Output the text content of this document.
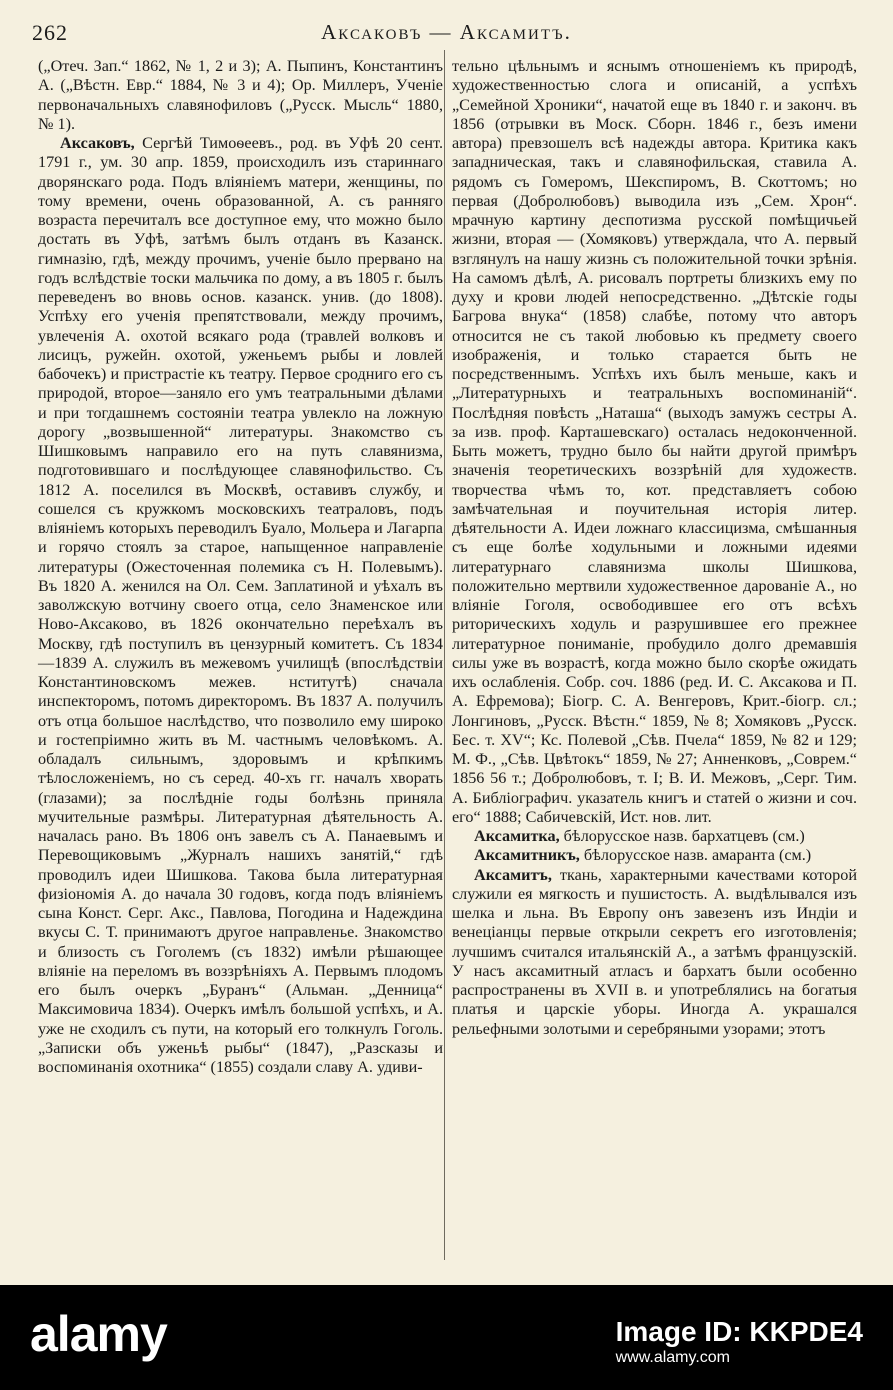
262	Аксаковъ — Аксамитъ.

(„Отеч. Зап.“ 1862, № 1, 2 и 3); А. Пыпинъ, Константинъ А. („Вѣстн. Евр.“ 1884, № 3 и 4); Ор. Миллеръ, Ученіе первоначальныхъ славянофиловъ („Русск. Мысль“ 1880, № 1).

Аксаковъ, Сергѣй Тимоѳеевъ., род. въ Уфѣ 20 сент. 1791 г., ум. 30 апр. 1859, происходилъ изъ стариннаго дворянскаго рода. Подъ вліяніемъ матери, женщины, по тому времени, очень образованной, А. съ ранняго возраста перечиталъ все доступное ему, что можно было достать въ Уфѣ, затѣмъ былъ отданъ въ Казанск. гимназію, гдѣ, между прочимъ, ученіе было прервано на годъ вслѣдствіе тоски мальчика по дому, а въ 1805 г. былъ переведенъ во вновь основ. казанск. унив. (до 1808). Успѣху его ученія препятствовали, между прочимъ, увлеченія А. охотой всякаго рода (травлей волковъ и лисицъ, ружейн. охотой, уженьемъ рыбы и ловлей бабочекъ) и пристрастіе къ театру. Первое сродниго его съ природой, второе—заняло его умъ театральными дѣлами и при тогдашнемъ состояніи театра увлекло на ложную дорогу „возвышенной“ литературы. Знакомство съ Шишковымъ направило его на путь славянизма, подготовившаго и послѣдующее славянофильство. Съ 1812 А. поселился въ Москвѣ, оставивъ службу, и сошелся съ кружкомъ московскихъ театраловъ, подъ вліяніемъ которыхъ переводилъ Буало, Мольера и Лагарпа и горячо стоялъ за старое, напыщенное направленіе литературы (Ожесточенная полемика съ Н. Полевымъ). Въ 1820 А. женился на Ол. Сем. Заплатиной и уѣхалъ въ заволжскую вотчину своего отца, село Знаменское или Ново-Аксаково, въ 1826 окончательно переѣхалъ въ Москву, гдѣ поступилъ въ цензурный комитетъ. Съ 1834—1839 А. служилъ въ межевомъ училищѣ (впослѣдствіи Константиновскомъ межев. нститутѣ) сначала инспекторомъ, потомъ директоромъ. Въ 1837 А. получилъ отъ отца большое наслѣдство, что позволило ему широко и гостепріимно жить въ М. частнымъ человѣкомъ. А. обладалъ сильнымъ, здоровымъ и крѣпкимъ тѣлосложеніемъ, но съ серед. 40-хъ гг. началъ хворать (глазами); за послѣдніе годы болѣзнь приняла мучительные размѣры. Литературная дѣятельность А. началась рано. Въ 1806 онъ завелъ съ А. Панаевымъ и Перевощиковымъ „Журналъ нашихъ занятій,“ гдѣ проводилъ идеи Шишкова. Такова была литературная физіономія А. до начала 30 годовъ, когда подъ вліяніемъ сына Конст. Серг. Акс., Павлова, Погодина и Надеждина вкусы С. Т. принимаютъ другое направленье. Знакомство и близость съ Гоголемъ (съ 1832) имѣли рѣшающее вліяніе на переломъ въ воззрѣніяхъ А. Первымъ плодомъ его былъ очеркъ „Буранъ“ (Альман. „Денница“ Максимовича 1834). Очеркъ имѣлъ большой успѣхъ, и А. уже не сходилъ съ пути, на который его толкнулъ Гоголь. „Записки объ уженьѣ рыбы“ (1847), „Разсказы и воспоминанія охотника“ (1855) создали славу А. удиви-

тельно цѣльнымъ и яснымъ отношеніемъ къ природѣ, художественностью слога и описаній, а успѣхъ „Семейной Хроники“, начатой еще въ 1840 г. и законч. въ 1856 (отрывки въ Моск. Сборн. 1846 г., безъ имени автора) превзошелъ всѣ надежды автора. Критика какъ западническая, такъ и славянофильская, ставила А. рядомъ съ Гомеромъ, Шекспиромъ, В. Скоттомъ; но первая (Добролюбовъ) выводила изъ „Сем. Хрон“. мрачную картину деспотизма русской помѣщичьей жизни, вторая — (Хомяковъ) утверждала, что А. первый взглянулъ на нашу жизнь съ положительной точки зрѣнія. На самомъ дѣлѣ, А. рисовалъ портреты близкихъ ему по духу и крови людей непосредственно. „Дѣтскіе годы Багрова внука“ (1858) слабѣе, потому что авторъ относится не съ такой любовью къ предмету своего изображенія, и только старается быть не посредственнымъ. Успѣхъ ихъ былъ меньше, какъ и „Литературныхъ и театральныхъ воспоминаній“. Послѣдняя повѣсть „Наташа“ (выходъ замужъ сестры А. за изв. проф. Карташевскаго) осталась недоконченной. Быть можетъ, трудно было бы найти другой примѣръ значенія теоретическихъ воззрѣній для художеств. творчества чѣмъ то, кот. представляетъ собою замѣчательная и поучительная исторія литер. дѣятельности А. Идеи ложнаго классицизма, смѣшанныя съ еще болѣе ходульными и ложными идеями литературнаго славянизма школы Шишкова, положительно мертвили художественное дарованіе А., но вліяніе Гоголя, освободившее его отъ всѣхъ риторическихъ ходуль и разрушившее его прежнее литературное пониманіе, пробудило долго дремавшія силы уже въ возрастѣ, когда можно было скорѣе ожидать ихъ ослабленія. Собр. соч. 1886 (ред. И. С. Аксакова и П. А. Ефремова); Біогр. С. А. Венгеровъ, Крит.-біогр. сл.; Лонгиновъ, „Русск. Вѣстн.“ 1859, № 8; Хомяковъ „Русск. Бес. т. XV“; Кс. Полевой „Сѣв. Пчела“ 1859, № 82 и 129; М. Ф., „Сѣв. Цвѣтокъ“ 1859, № 27; Анненковъ, „Соврем.“ 1856 56 т.; Добролюбовъ, т. I; В. И. Межовъ, „Серг. Тим. А. Библіографич. указатель книгъ и статей о жизни и соч. его“ 1888; Сабичевскій, Ист. нов. лит.

Аксамитка, бѣлорусское назв. бархатцевъ (см.)

Аксамитникъ, бѣлорусское назв. амаранта (см.)

Аксамитъ, ткань, характерными качествами которой служили ея мягкость и пушистость. А. выдѣлывался изъ шелка и льна. Въ Европу онъ завезенъ изъ Индіи и венеціанцы первые открыли секретъ его изготовленія; лучшимъ считался итальянскій А., а затѣмъ французскій. У насъ аксамитный атласъ и бархатъ были особенно распространены въ XVII в. и употреблялись на богатыя платья и царскіе уборы. Иногда А. украшался рельефными золотыми и серебряными узорами; этотъ

alamy	Image ID: KKPDE4
www.alamy.com
